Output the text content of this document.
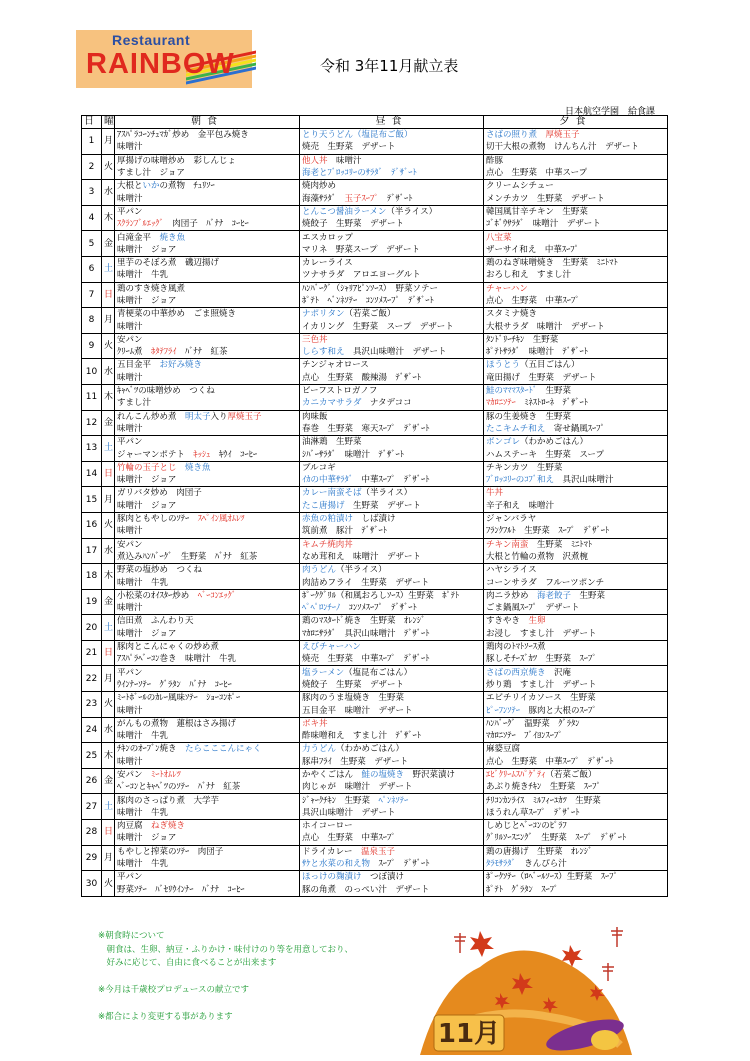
Restaurant
RAINBOW	令和 3年11月献立表
日本航空学園　給食課
日	曜	朝食	昼食	夕食
1	月	ｱｽﾊﾟﾗｺｰﾝﾁｭﾏｶﾞ炒め　金平包み焼き	とり天うどん（塩昆布ご飯）	さばの照り煮　厚焼玉子
		味噌汁	焼売　生野菜　デザート	切干大根の煮物　けんちん汁　デザート
2	火	厚揚げの味噌炒め　彩しんじょ	他人丼　味噌汁	酢豚
		すまし汁　ジョア	海老とﾌﾞﾛｯｺﾘｰのｻﾗﾀﾞ　ﾃﾞｻﾞｰﾄ	点心　生野菜　中華スープ
3	水	大根といかの煮物　ﾁｭﾘｿｰ	焼肉炒め	クリームシチュー
		味噌汁	海藻ｻﾗﾀﾞ　玉子ｽｰﾌﾟ　ﾃﾞｻﾞｰﾄ	メンチカツ　生野菜　デザート
4	木	平パン	とんこつ醤油ラーメン（半ライス）	韓国風甘辛チキン　生野菜
		ｽｸﾗﾝﾌﾞﾙｴｯｸﾞ　肉団子　ﾊﾞﾅﾅ　ｺｰﾋｰ	焼餃子　生野菜　デザート	ｺﾞﾎﾞｳｻﾗﾀﾞ　味噌汁　デザート
5	金	白滝金平　焼き魚	エスカロップ	八宝菜
		味噌汁　ジョア	マリネ　野菜スープ　デザート	ザーサイ和え　中華ｽｰﾌﾟ
6	土	里芋のそぼろ煮　磯辺揚げ	カレーライス	鶏のねぎ味噌焼き　生野菜　ﾐﾆﾄﾏﾄ
		味噌汁　牛乳	ツナサラダ　アロエヨーグルト	おろし和え　すまし汁
7	日	鶏のすき焼き風煮	ﾊﾝﾊﾞｰｸﾞ（ｼｬﾘｱﾋﾟﾝｿｰｽ）　野菜ソテー	チャーハン
		味噌汁　ジョア	ﾎﾟﾃﾄ　ﾍﾞﾝﾈｿﾃｰ　ｺﾝｿﾒｽｰﾌﾟ　ﾃﾞｻﾞｰﾄ	点心　生野菜　中華ｽｰﾌﾟ
8	月	青梗菜の中華炒め　ごま照焼き	ナポリタン（若菜ご飯）	スタミナ焼き
		味噌汁	イカリング　生野菜　スープ　デザート	大根サラダ　味噌汁　デザート
9	火	安パン	三色丼	ﾀﾝﾄﾞﾘｰﾁｷﾝ　生野菜
		ｸﾘｰﾑ煮　ﾎﾀﾃﾌﾗｲ　ﾊﾞﾅﾅ　紅茶	しらす和え　具沢山味噌汁　デザート	ﾎﾟﾃﾄｻﾗﾀﾞ　味噌汁　ﾃﾞｻﾞｰﾄ
10	水	五目金平　お好み焼き	チンジャオロース	ほうとう（五目ごはん）
		味噌汁	点心　生野菜　酸辣湯　ﾃﾞｻﾞｰﾄ	竜田揚げ　生野菜　デザート
11	木	ｷｬﾍﾞﾂの味噌炒め　つくね	ビーフストロガノフ	鮭のﾏﾏﾏｽﾀｰﾄﾞ　生野菜
		すまし汁	カニカマサラダ　ナタデココ	ﾏｶﾛﾆｿﾃｰ　ﾐﾈｽﾄﾛｰﾈ　ﾃﾞｻﾞｰﾄ
12	金	れんこん炒め煮　明太子入り厚焼玉子	肉味飯	豚の生姜焼き　生野菜
		味噌汁	春巻　生野菜　寒天ｽｰﾌﾟ　ﾃﾞｻﾞｰﾄ	たこキムチ和え　寄せ鍋風ｽｰﾌﾟ
13	土	平パン	油淋鶏　生野菜	ボンゴレ（わかめごはん）
		ジャーマンポテト　ｷｯｼｭ　ｷｳｲ　ｺｰﾋｰ	ｼﾊﾞｰｻﾗﾀﾞ　味噌汁　ﾃﾞｻﾞｰﾄ	ハムステーキ　生野菜　スープ
14	日	竹輪の玉子とじ　 焼き魚	ブルコギ	チキンカツ　生野菜
		味噌汁　ジョア	ｲｶの中華ｻﾗﾀﾞ　中華ｽｰﾌﾟ　ﾃﾞｻﾞｰﾄ	ﾌﾞﾛｯｺﾘｰのｺﾌﾞ和え　具沢山味噌汁
15	月	ガリバタ炒め　肉団子	カレー南蛮そば（半ライス）	牛丼
		味噌汁　ジョア	たこ唐揚げ　生野菜　デザート	辛子和え　味噌汁
16	火	豚肉ともやしのｿﾃｰ　ｽﾍﾟｲﾝ風ｵﾑﾚﾂ	赤魚の粕漬け　しば漬け	ジャンバラヤ
		味噌汁	筑前煮　豚汁　ﾃﾞｻﾞｰﾄ	ﾌﾗﾝｸﾌﾙﾄ　生野菜　ｽｰﾌﾟ　ﾃﾞｻﾞｰﾄ
17	水	安パン	キムチ焼肉丼	チキン南蛮　生野菜　ﾐﾆﾄﾏﾄ
		煮込みﾊﾝﾊﾞｰｸﾞ　生野菜　ﾊﾞﾅﾅ　紅茶	なめ茸和え　味噌汁　デザート	大根と竹輪の煮物　沢煮椀
18	木	野菜の塩炒め　つくね	肉うどん（半ライス）	ハヤシライス
		味噌汁　牛乳	肉詰めフライ　生野菜　デザート	コーンサラダ　フルーツポンチ
19	金	小松菜のｵｲｽﾀｰ炒め　ﾍﾞｰｺﾝｴｯｸﾞ	ﾎﾟｰｸｸﾞﾘﾙ（和風おろしｿｰｽ）生野菜　ﾎﾟﾃﾄ	肉ニラ炒め　海老餃子　生野菜
		味噌汁	ﾍﾟﾍﾟﾛﾝﾁｰﾉ　ｺﾝｿﾒｽｰﾌﾟ　ﾃﾞｻﾞｰﾄ	ごま鍋風ｽｰﾌﾟ　デザート
20	土	信田煮　ふんわり天	鶏のﾏｽﾀｰﾄﾞ焼き　生野菜　ｵﾚﾝｼﾞ	すきやき　生卵
		味噌汁　ジョア	ﾏｶﾛﾆｻﾗﾀﾞ　具沢山味噌汁　ﾃﾞｻﾞｰﾄ	お浸し　すまし汁　デザート
21	日	豚肉とこんにゃくの炒め煮	えびチャーハン	鶏肉のﾄﾏﾄｿｰｽ煮
		ｱｽﾊﾟﾗﾍﾞｰｺﾝ巻き　味噌汁　牛乳	焼売　生野菜　中華ｽｰﾌﾟ　ﾃﾞｻﾞｰﾄ	豚しそﾁｰｽﾞｶﾂ　生野菜　ｽｰﾌﾟ
22	月	平パン	塩ラーメン（塩昆布ごはん）	さばの西京焼き　沢庵
		ｳｲﾝﾅｰｿﾃｰ　ｸﾞﾗﾀﾝ　ﾊﾞﾅﾅ　ｺｰﾋｰ	焼餃子　生野菜　デザート	炒り鶏　すまし汁　デザート
23	火	ﾐｰﾄﾎﾞｰﾙのｶﾚｰ風味ｿﾃｰ　ｼｮｰｺﾝﾎﾟｰ	豚肉のうま塩焼き　生野菜	エビチリイカソース　生野菜
		味噌汁	五目金平　味噌汁　デザート	ﾋﾟｰﾌﾝｿﾃｰ　豚肉と大根のｽｰﾌﾟ
24	水	がんもの煮物　蓮根はさみ揚げ	ボキ丼	ﾊﾝﾊﾞｰｸﾞ　温野菜　ｸﾞﾗﾀﾝ
		味噌汁　牛乳	酢味噌和え　すまし汁　ﾃﾞｻﾞｰﾄ	ﾏｶﾛﾆｿﾃｰ　ﾌﾞｲﾖﾝｽｰﾌﾟ
25	木	ﾁｷﾝのｵｰﾌﾞﾝ焼き　たらこここんにゃく	力うどん（わかめごはん）	麻婆豆腐
		味噌汁	豚串ﾌﾗｲ　生野菜　デザート	点心　生野菜　中華ｽｰﾌﾟ　ﾃﾞｻﾞｰﾄ
26	金	安パン　ﾐｰﾄｵﾑﾚﾂ	かやくごはん　鮭の塩焼き　野沢菜漬け	ｴﾋﾞｸﾘｰﾑｽﾊﾟｹﾞﾃｨ（若菜ご飯）
		ﾍﾞｰｺﾝとｷｬﾍﾞﾂのｿﾃｰ　ﾊﾞﾅﾅ　紅茶	肉じゃが　味噌汁　デザート	あぶり焼きﾁｷﾝ　生野菜　ｽｰﾌﾟ
27	土	豚肉のさっぱり煮　大学芋	ｼﾞｬｰｸﾁｷﾝ　生野菜　ﾍﾟﾝﾈｿﾃｰ	ﾁﾘｺﾝｶﾝﾗｲｽ　ﾐﾙﾌｨｰﾕｶﾂ　生野菜
		味噌汁　牛乳	具沢山味噌汁　デザート	ほうれん草ｽｰﾌﾟ　ﾃﾞｻﾞｰﾄ
28	日	肉豆腐　ねぎ焼き	ホイコーロー	しめじとﾍﾞｰｺﾝのﾋﾟﾗﾌ
		味噌汁　ジョア	点心　生野菜　中華ｽｰﾌﾟ	ｸﾞﾘﾙｿｰｽﾆﾝｸﾞ　生野菜　ｽｰﾌﾟ　ﾃﾞｻﾞｰﾄ
29	月	もやしと搾菜のｿﾃｰ　肉団子	ドライカレー　温泉玉子	鶏の唐揚げ　生野菜　ｵﾚﾝｼﾞ
		味噌汁　牛乳	ｻｹと水菜の和え物　ｽｰﾌﾟ　ﾃﾞｻﾞｰﾄ	ﾀﾗﾓｻﾗﾀﾞ　きんぴら汁
30	火	平パン	ほっけの麹漬け　つぼ漬け	ﾎﾟｰｸｿﾃｰ（ﾛﾍﾞｰﾙｿｰｽ）生野菜　ｽｰﾌﾟ
		野菜ｿﾃｰ　ﾊﾞｾﾘｳｲﾝﾅｰ　ﾊﾞﾅﾅ　ｺｰﾋｰ	豚の角煮　のっぺい汁　デザート	ﾎﾟﾃﾄ　ｸﾞﾗﾀﾝ　ｽｰﾌﾟ
※朝食時について
　朝食は、生卵、納豆・ふりかけ・味付けのり等を用意しており、
　好みに応じて、自由に食べることが出来ます

※今月は千歳校プロデュースの献立です

※都合により変更する事があります
11月
